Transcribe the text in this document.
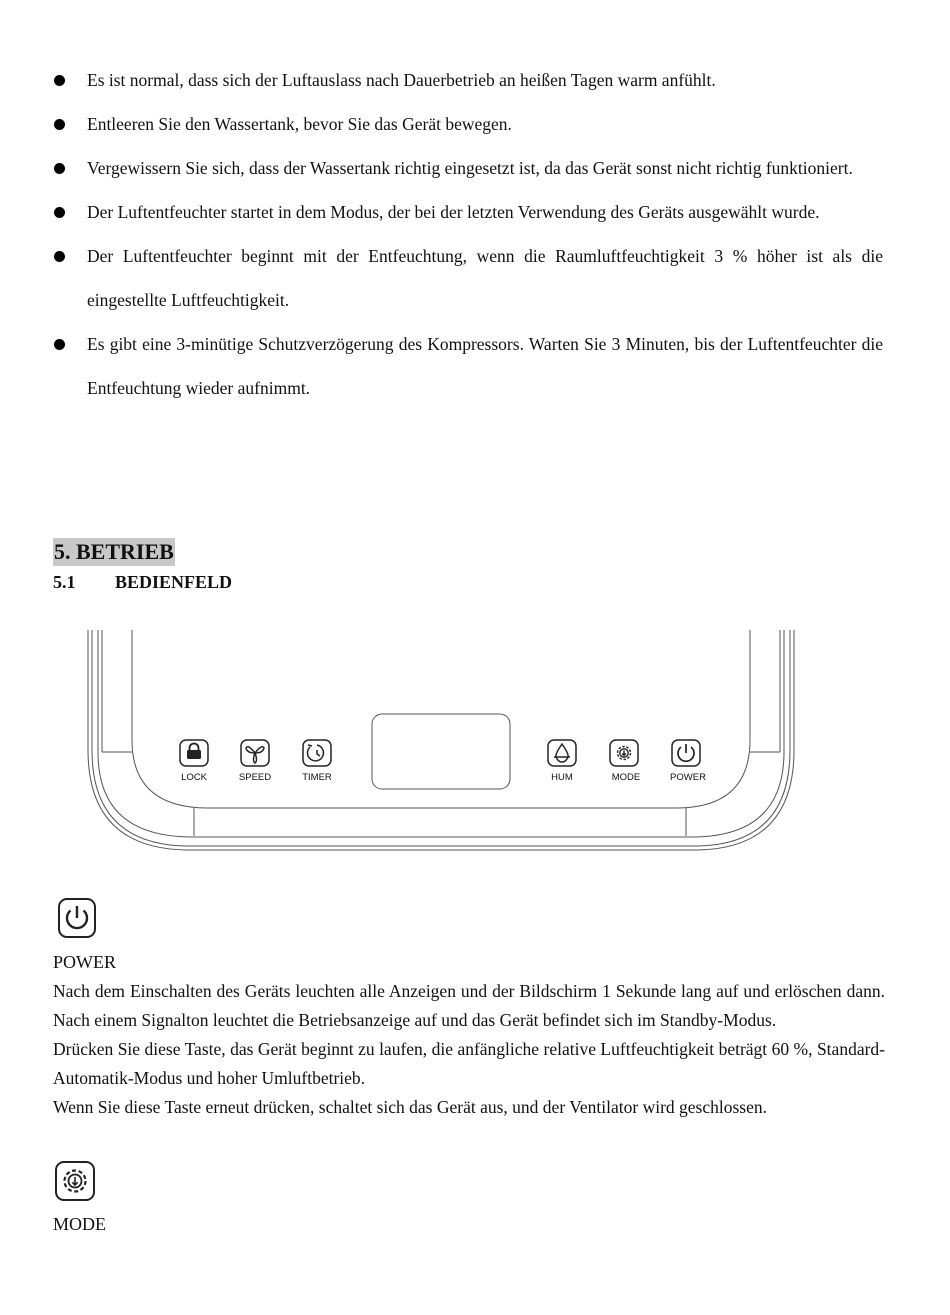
Es ist normal, dass sich der Luftauslass nach Dauerbetrieb an heißen Tagen warm anfühlt.
Entleeren Sie den Wassertank, bevor Sie das Gerät bewegen.
Vergewissern Sie sich, dass der Wassertank richtig eingesetzt ist, da das Gerät sonst nicht richtig funktioniert.
Der Luftentfeuchter startet in dem Modus, der bei der letzten Verwendung des Geräts ausgewählt wurde.
Der Luftentfeuchter beginnt mit der Entfeuchtung, wenn die Raumluftfeuchtigkeit 3 % höher ist als die eingestellte Luftfeuchtigkeit.
Es gibt eine 3-minütige Schutzverzögerung des Kompressors. Warten Sie 3 Minuten, bis der Luftentfeuchter die Entfeuchtung wieder aufnimmt.
5. BETRIEB
5.1 BEDIENFELD
LOCK	SPEED	TIMER	HUM	MODE	POWER
POWER

Nach dem Einschalten des Geräts leuchten alle Anzeigen und der Bildschirm 1 Sekunde lang auf und erlöschen dann. Nach einem Signalton leuchtet die Betriebsanzeige auf und das Gerät befindet sich im Standby-Modus.

Drücken Sie diese Taste, das Gerät beginnt zu laufen, die anfängliche relative Luftfeuchtigkeit beträgt 60 %, Standard-Automatik-Modus und hoher Umluftbetrieb.

Wenn Sie diese Taste erneut drücken, schaltet sich das Gerät aus, und der Ventilator wird geschlossen.

MODE
